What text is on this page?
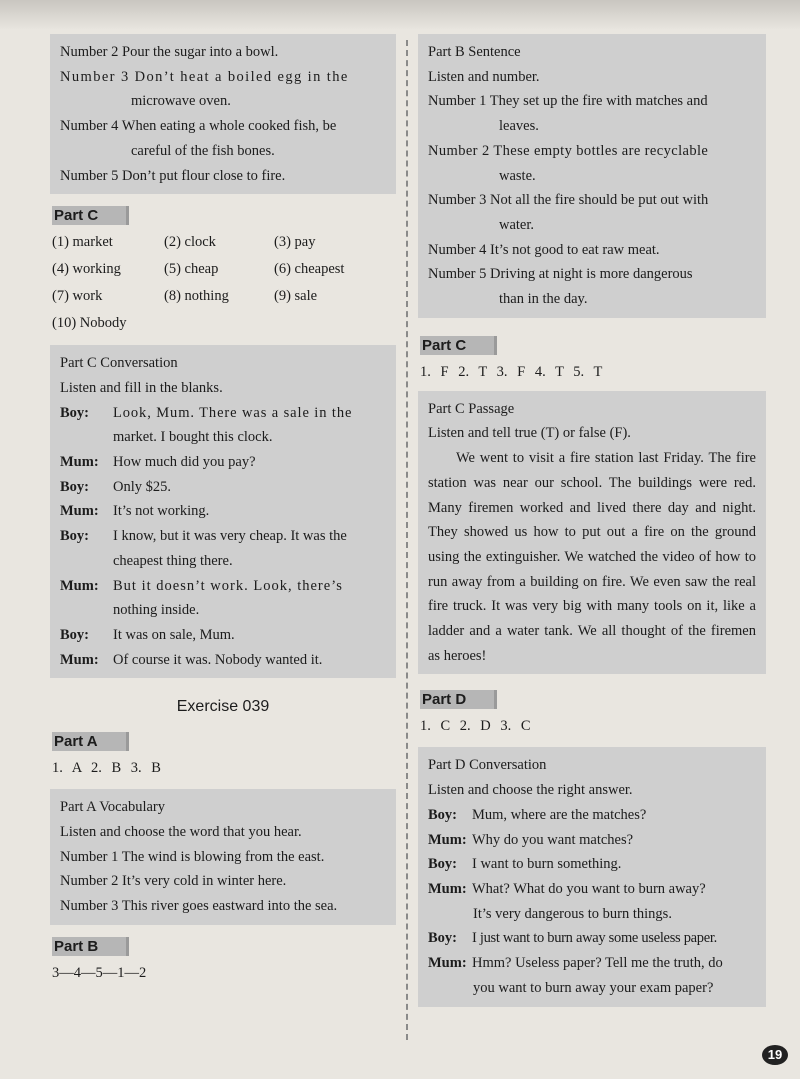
Number 2 Pour the sugar into a bowl.
Number 3 Don’t heat a boiled egg in the
microwave oven.
Number 4 When eating a whole cooked fish, be
careful of the fish bones.
Number 5 Don’t put flour close to fire.
Part C
(1) market	(2) clock	(3) pay
(4) working	(5) cheap	(6) cheapest
(7) work	(8) nothing	(9) sale
(10) Nobody
Part C Conversation
Listen and fill in the blanks.
Boy: Look, Mum. There was a sale in the
market. I bought this clock.
Mum: How much did you pay?
Boy: Only $25.
Mum: It’s not working.
Boy: I know, but it was very cheap. It was the
cheapest thing there.
Mum: But it doesn’t work. Look, there’s
nothing inside.
Boy: It was on sale, Mum.
Mum: Of course it was. Nobody wanted it.
Exercise 039
Part A
1. A 2. B 3. B
Part A Vocabulary
Listen and choose the word that you hear.
Number 1 The wind is blowing from the east.
Number 2 It’s very cold in winter here.
Number 3 This river goes eastward into the sea.
Part B
3—4—5—1—2
Part B Sentence
Listen and number.
Number 1 They set up the fire with matches and
leaves.
Number 2 These empty bottles are recyclable
waste.
Number 3 Not all the fire should be put out with
water.
Number 4 It’s not good to eat raw meat.
Number 5 Driving at night is more dangerous
than in the day.
Part C
1. F 2. T 3. F 4. T 5. T
Part C Passage
Listen and tell true (T) or false (F).
We went to visit a fire station last Friday. The fire station was near our school. The buildings were red. Many firemen worked and lived there day and night. They showed us how to put out a fire on the ground using the extinguisher. We watched the video of how to run away from a building on fire. We even saw the real fire truck. It was very big with many tools on it, like a ladder and a water tank. We all thought of the firemen as heroes!
Part D
1. C 2. D 3. C
Part D Conversation
Listen and choose the right answer.
Boy: Mum, where are the matches?
Mum: Why do you want matches?
Boy: I want to burn something.
Mum: What? What do you want to burn away?
It’s very dangerous to burn things.
Boy: I just want to burn away some useless paper.
Mum: Hmm? Useless paper? Tell me the truth, do
you want to burn away your exam paper?
19
